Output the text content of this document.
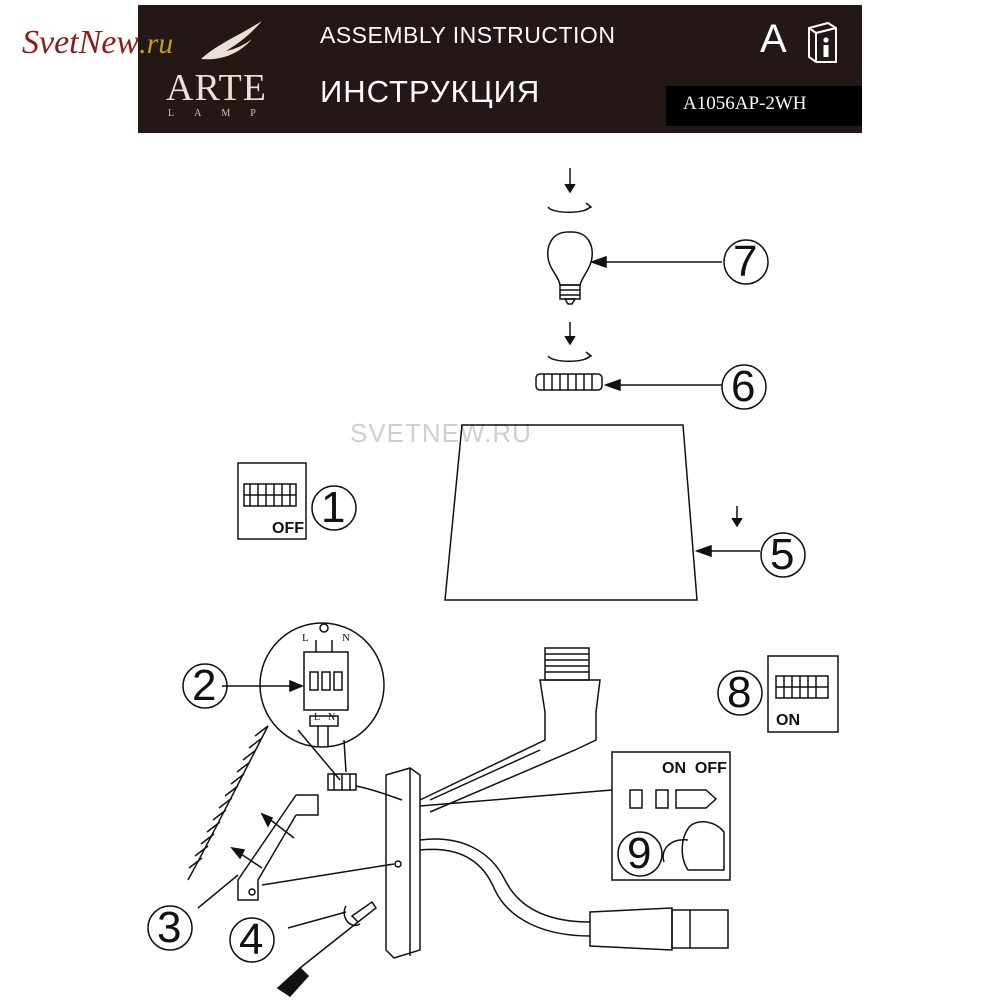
ARTE
LAMP
ASSEMBLY INSTRUCTION
ИНСТРУКЦИЯ
A
A1056AP-2WH
SvetNew.ru
SVETNEW.RU
1
OFF
2
L	N
L N
3 4
5
6
7
8
ON
9
ON  OFF
